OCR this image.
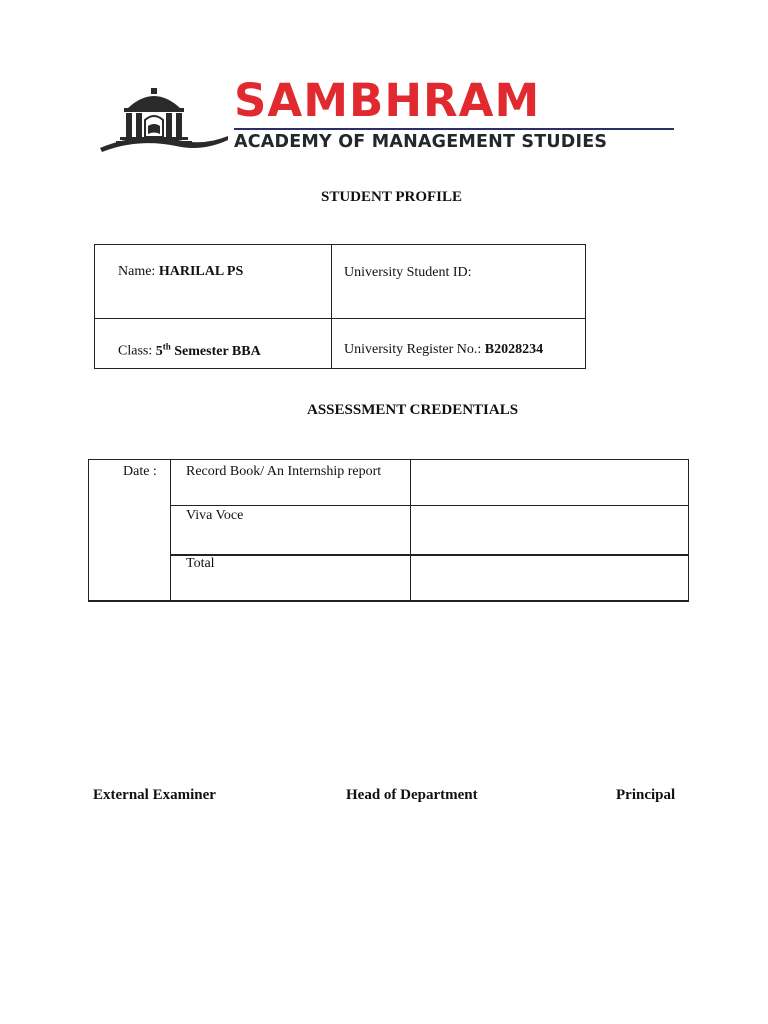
SAMBHRAM
ACADEMY OF MANAGEMENT STUDIES
STUDENT PROFILE
Name: HARILAL PS	University Student ID:
Class: 5th Semester BBA	University Register No.: B2028234
ASSESSMENT CREDENTIALS
Date : Record Book/ An Internship report
Viva Voce
Total
External Examiner	Head of Department	Principal
